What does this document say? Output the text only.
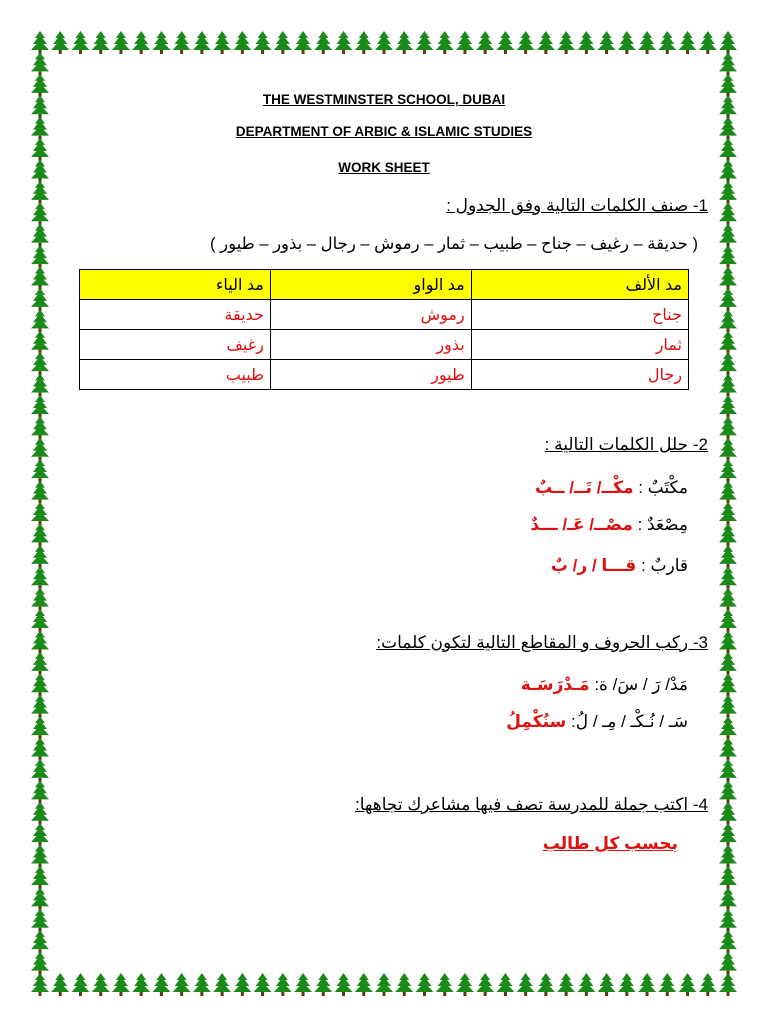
THE WESTMINSTER SCHOOL, DUBAI
DEPARTMENT OF ARBIC & ISLAMIC STUDIES
WORK SHEET
1- صنف الكلمات التالية وفق الجدول :
( حديقة – رغيف – جناح – طبيب – ثمار – رموش – رجال – بذور – طيور )
مد الألف	مد الواو	مد الياء
جناح	رموش	حديقة
ثمار	بذور	رغيف
رجال	طيور	طبيب
2- حلل الكلمات التالية :
مكْتَبٌ : مكْــ/ تَــ/ ــبٌ
مِصْعَدٌ : مصْــ/ عَـ/ ـــدٌ
قاربٌ : قـــا / ر/ بٌ
3- ركب الحروف و المقاطع التالية لتكون كلمات:
مَدْ/ رَ / سَ/ ة: مَـدْرَسَـة
سَـ / نُـكْـ / مِـ / لُ: سنُكْمِلُ
4- اكتب جملة للمدرسة تصف فيها مشاعرك تجاهها:
بحسب كل طالب
